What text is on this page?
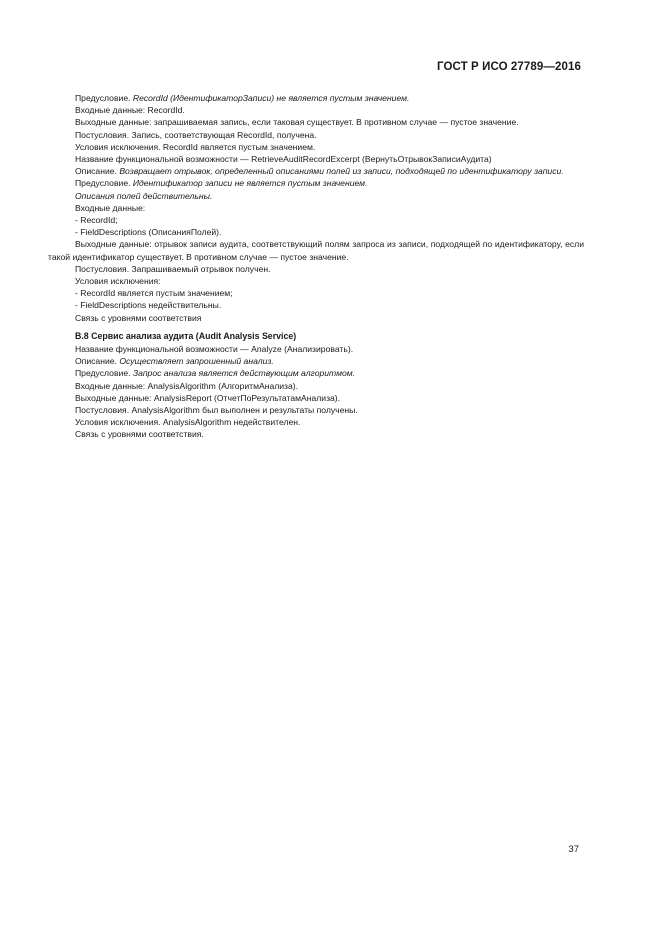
ГОСТ Р ИСО 27789—2016
Предусловие. RecordId (ИдентификаторЗаписи) не является пустым значением.
Входные данные: RecordId.
Выходные данные: запрашиваемая запись, если таковая существует. В противном случае — пустое значение.
Постусловия. Запись, соответствующая RecordId, получена.
Условия исключения. RecordId является пустым значением.
Название функциональной возможности — RetrieveAuditRecordExcerpt (ВернутьОтрывокЗаписиАудита)
Описание. Возвращает отрывок, определенный описаниями полей из записи, подходящей по идентификатору записи.
Предусловие. Идентификатор записи не является пустым значением.
Описания полей действительны.
Входные данные:
- RecordId;
- FieldDescriptions (ОписанияПолей).
Выходные данные: отрывок записи аудита, соответствующий полям запроса из записи, подходящей по идентификатору, если такой идентификатор существует. В противном случае — пустое значение.
Постусловия. Запрашиваемый отрывок получен.
Условия исключения:
- RecordId является пустым значением;
- FieldDescriptions недействительны.
Связь с уровнями соответствия
В.8 Сервис анализа аудита (Audit Analysis Service)
Название функциональной возможности — Analyze (Анализировать).
Описание. Осуществляет запрошенный анализ.
Предусловие. Запрос анализа является действующим алгоритмом.
Входные данные: AnalysisAlgorithm (АлгоритмАнализа).
Выходные данные: AnalysisReport (ОтчетПоРезультатамАнализа).
Постусловия. AnalysisAlgorithm был выполнен и результаты получены.
Условия исключения. AnalysisAlgorithm недействителен.
Связь с уровнями соответствия.
37
